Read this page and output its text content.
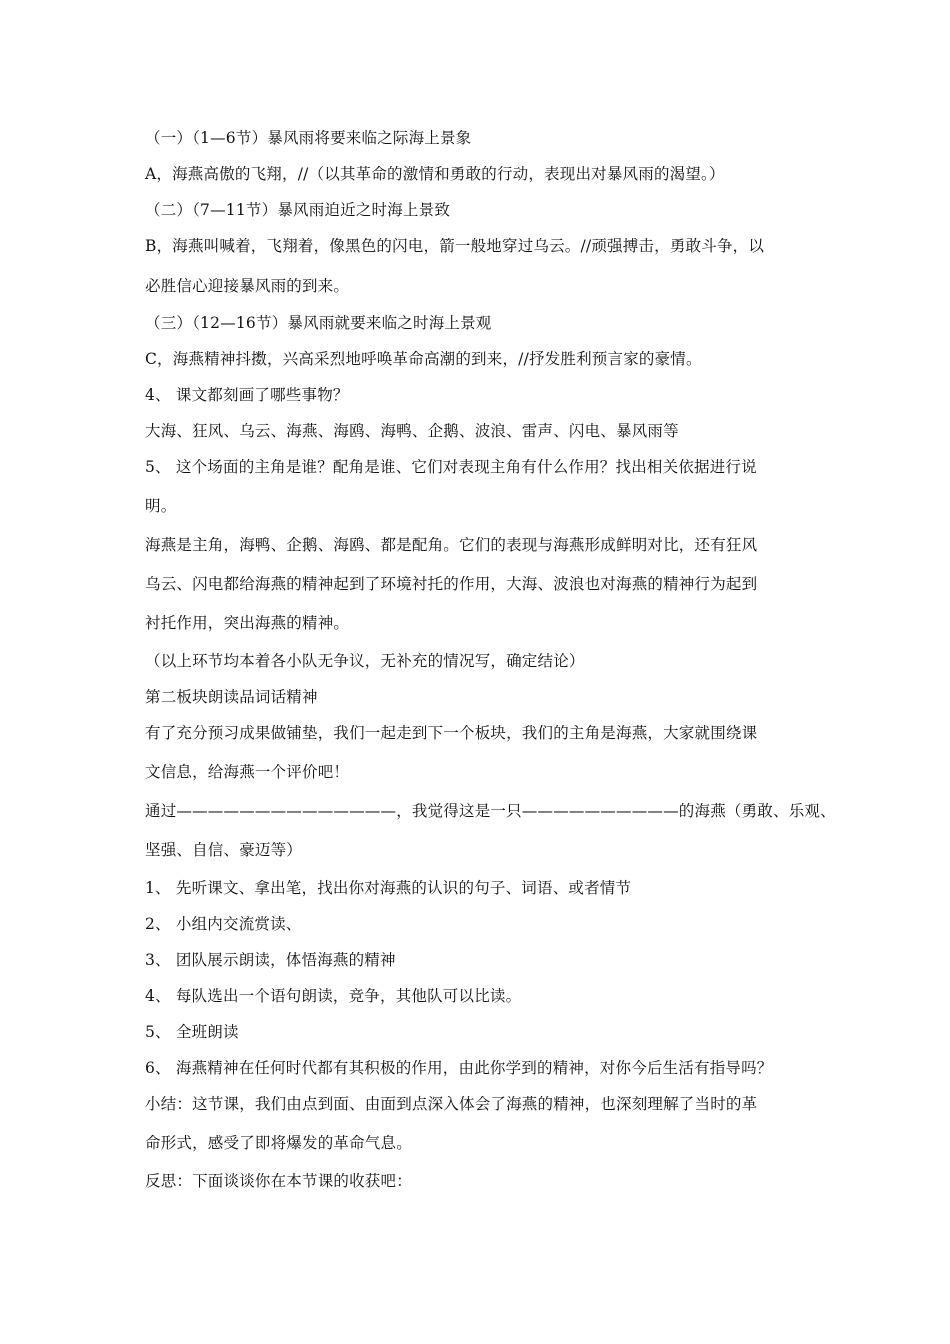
（一）（1—6节）暴风雨将要来临之际海上景象
A，海燕高傲的飞翔，//（以其革命的激情和勇敢的行动，表现出对暴风雨的渴望。）
（二）（7—11节）暴风雨迫近之时海上景致
B，海燕叫喊着，飞翔着，像黑色的闪电，箭一般地穿过乌云。//顽强搏击，勇敢斗争，以
必胜信心迎接暴风雨的到来。
（三）（12—16节）暴风雨就要来临之时海上景观
C，海燕精神抖擞，兴高采烈地呼唤革命高潮的到来，//抒发胜利预言家的豪情。
4、 课文都刻画了哪些事物？
大海、狂风、乌云、海燕、海鸥、海鸭、企鹅、波浪、雷声、闪电、暴风雨等
5、 这个场面的主角是谁？配角是谁、它们对表现主角有什么作用？找出相关依据进行说
明。
海燕是主角，海鸭、企鹅、海鸥、都是配角。它们的表现与海燕形成鲜明对比，还有狂风
乌云、闪电都给海燕的精神起到了环境衬托的作用，大海、波浪也对海燕的精神行为起到
衬托作用，突出海燕的精神。
（以上环节均本着各小队无争议，无补充的情况写，确定结论）
第二板块朗读品词话精神
有了充分预习成果做铺垫，我们一起走到下一个板块，我们的主角是海燕，大家就围绕课
文信息，给海燕一个评价吧！
通过——————————————，我觉得这是一只——————————的海燕（勇敢、乐观、
坚强、自信、豪迈等）
1、 先听课文、拿出笔，找出你对海燕的认识的句子、词语、或者情节
2、 小组内交流赏读、
3、 团队展示朗读，体悟海燕的精神
4、 每队选出一个语句朗读，竞争，其他队可以比读。
5、 全班朗读
6、 海燕精神在任何时代都有其积极的作用，由此你学到的精神，对你今后生活有指导吗？
小结：这节课，我们由点到面、由面到点深入体会了海燕的精神，也深刻理解了当时的革
命形式，感受了即将爆发的革命气息。
反思：下面谈谈你在本节课的收获吧：
